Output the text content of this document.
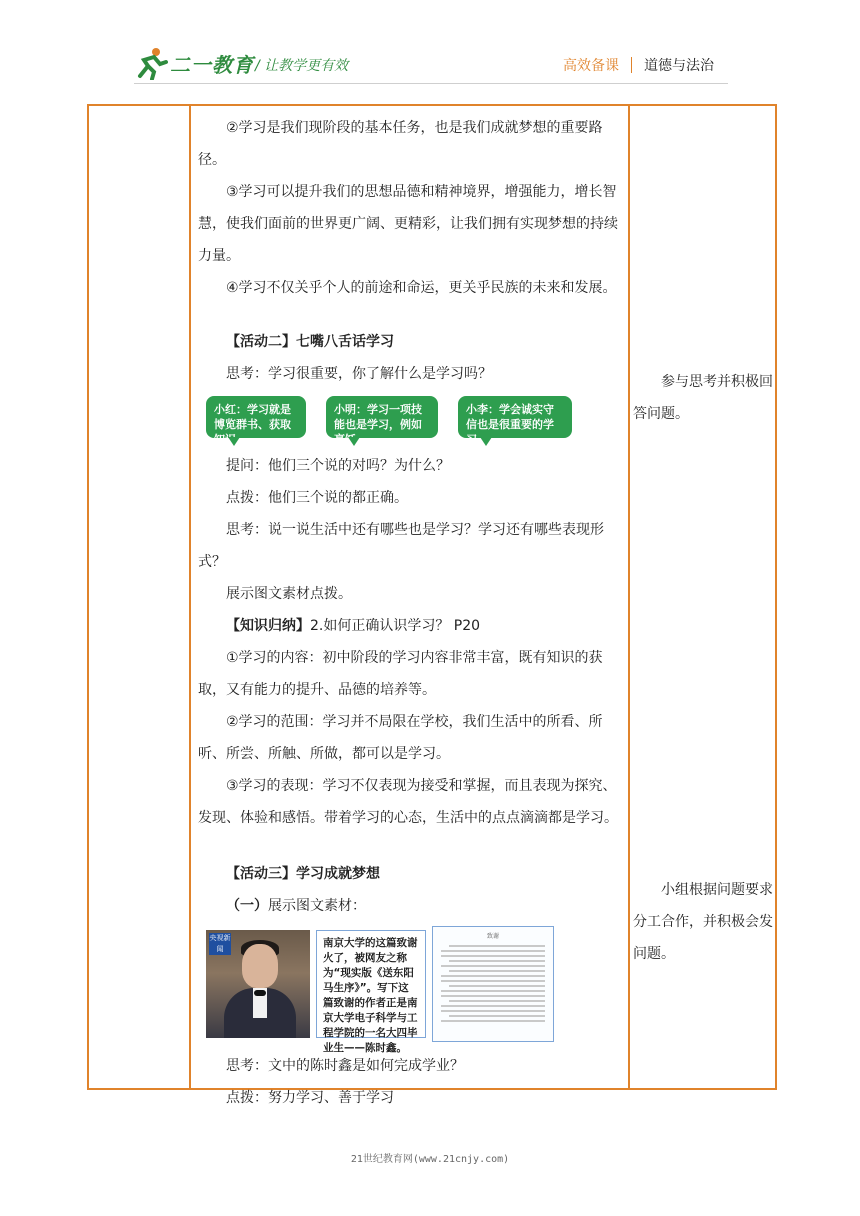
二一教育 / 让教学更有效	高效备课 道德与法治

②学习是我们现阶段的基本任务，也是我们成就梦想的重要路径。

③学习可以提升我们的思想品德和精神境界，增强能力，增长智慧，使我们面前的世界更广阔、更精彩，让我们拥有实现梦想的持续力量。

④学习不仅关乎个人的前途和命运，更关乎民族的未来和发展。

【活动二】七嘴八舌话学习

思考：学习很重要，你了解什么是学习吗？

小红：学习就是博览群书、获取知识。
小明：学习一项技能也是学习，例如烹饪。
小李：学会诚实守信也是很重要的学习。

提问：他们三个说的对吗？为什么？

点拨：他们三个说的都正确。

思考：说一说生活中还有哪些也是学习？学习还有哪些表现形式？

展示图文素材点拨。

【知识归纳】2.如何正确认识学习？ P20

①学习的内容：初中阶段的学习内容非常丰富，既有知识的获取，又有能力的提升、品德的培养等。

②学习的范围：学习并不局限在学校，我们生活中的所看、所听、所尝、所触、所做，都可以是学习。

③学习的表现：学习不仅表现为接受和掌握，而且表现为探究、发现、体验和感悟。带着学习的心态，生活中的点点滴滴都是学习。

【活动三】学习成就梦想

（一）展示图文素材：

央视新闻	南京大学的这篇致谢火了，被网友之称为“现实版《送东阳马生序》”。写下这篇致谢的作者正是南京大学电子科学与工程学院的一名大四毕业生——陈时鑫。
致谢

思考：文中的陈时鑫是如何完成学业？

点拨：努力学习、善于学习

参与思考并积极回答问题。

小组根据问题要求分工合作，并积极会发问题。

21世纪教育网(www.21cnjy.com)
